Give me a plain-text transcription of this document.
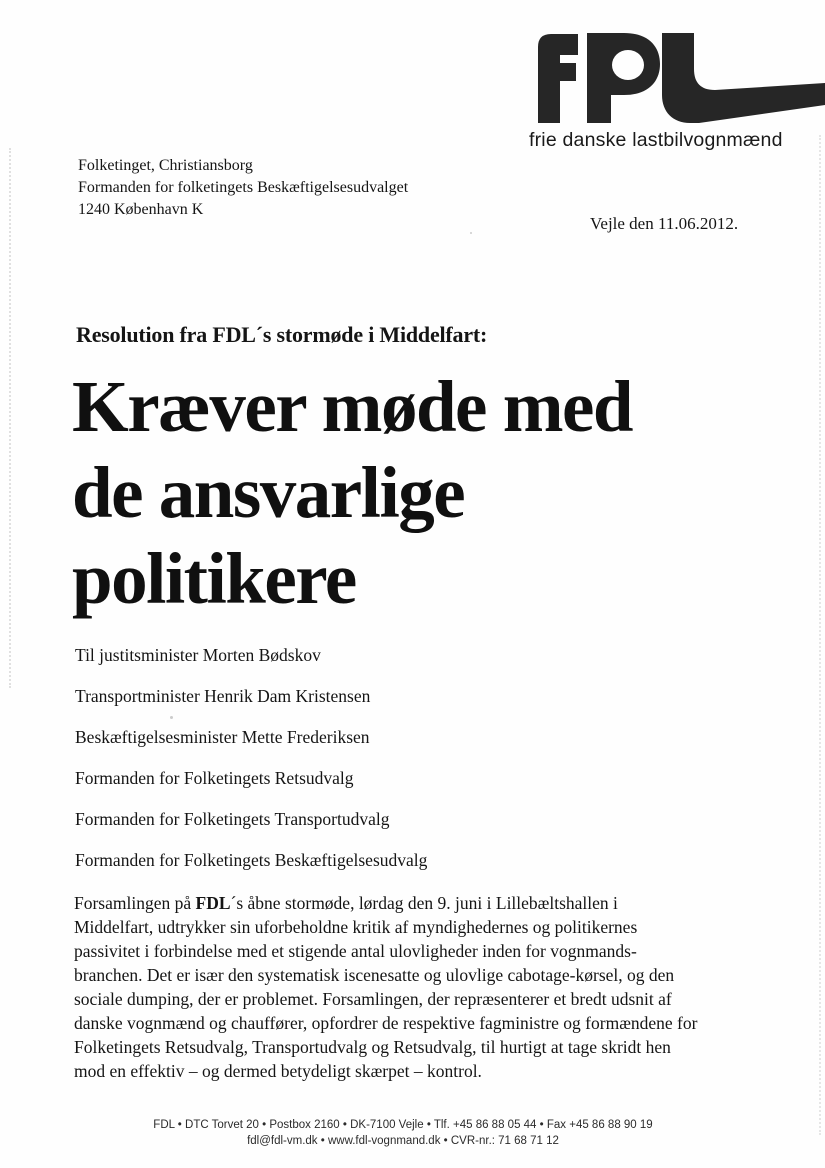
frie danske lastbilvognmænd
Folketinget, Christiansborg
Formanden for folketingets Beskæftigelsesudvalget
1240 København K
Vejle den 11.06.2012.
Resolution fra FDL´s stormøde i Middelfart:
Kræver møde med
de ansvarlige
politikere
Til justitsminister Morten Bødskov
Transportminister Henrik Dam Kristensen
Beskæftigelsesminister Mette Frederiksen
Formanden for Folketingets Retsudvalg
Formanden for Folketingets Transportudvalg
Formanden for Folketingets Beskæftigelsesudvalg
Forsamlingen på FDL´s åbne stormøde, lørdag den 9. juni i Lillebæltshallen i
Middelfart, udtrykker sin uforbeholdne kritik af myndighedernes og politikernes
passivitet i forbindelse med et stigende antal ulovligheder inden for vognmands-
branchen. Det er især den systematisk iscenesatte og ulovlige cabotage-kørsel, og den
sociale dumping, der er problemet. Forsamlingen, der repræsenterer et bredt udsnit af
danske vognmænd og chauffører, opfordrer de respektive fagministre og formændene for
Folketingets Retsudvalg, Transportudvalg og Retsudvalg, til hurtigt at tage skridt hen
mod en effektiv – og dermed betydeligt skærpet – kontrol.
FDL • DTC Torvet 20 • Postbox 2160 • DK-7100 Vejle • Tlf. +45 86 88 05 44 • Fax +45 86 88 90 19
fdl@fdl-vm.dk • www.fdl-vognmand.dk • CVR-nr.: 71 68 71 12
